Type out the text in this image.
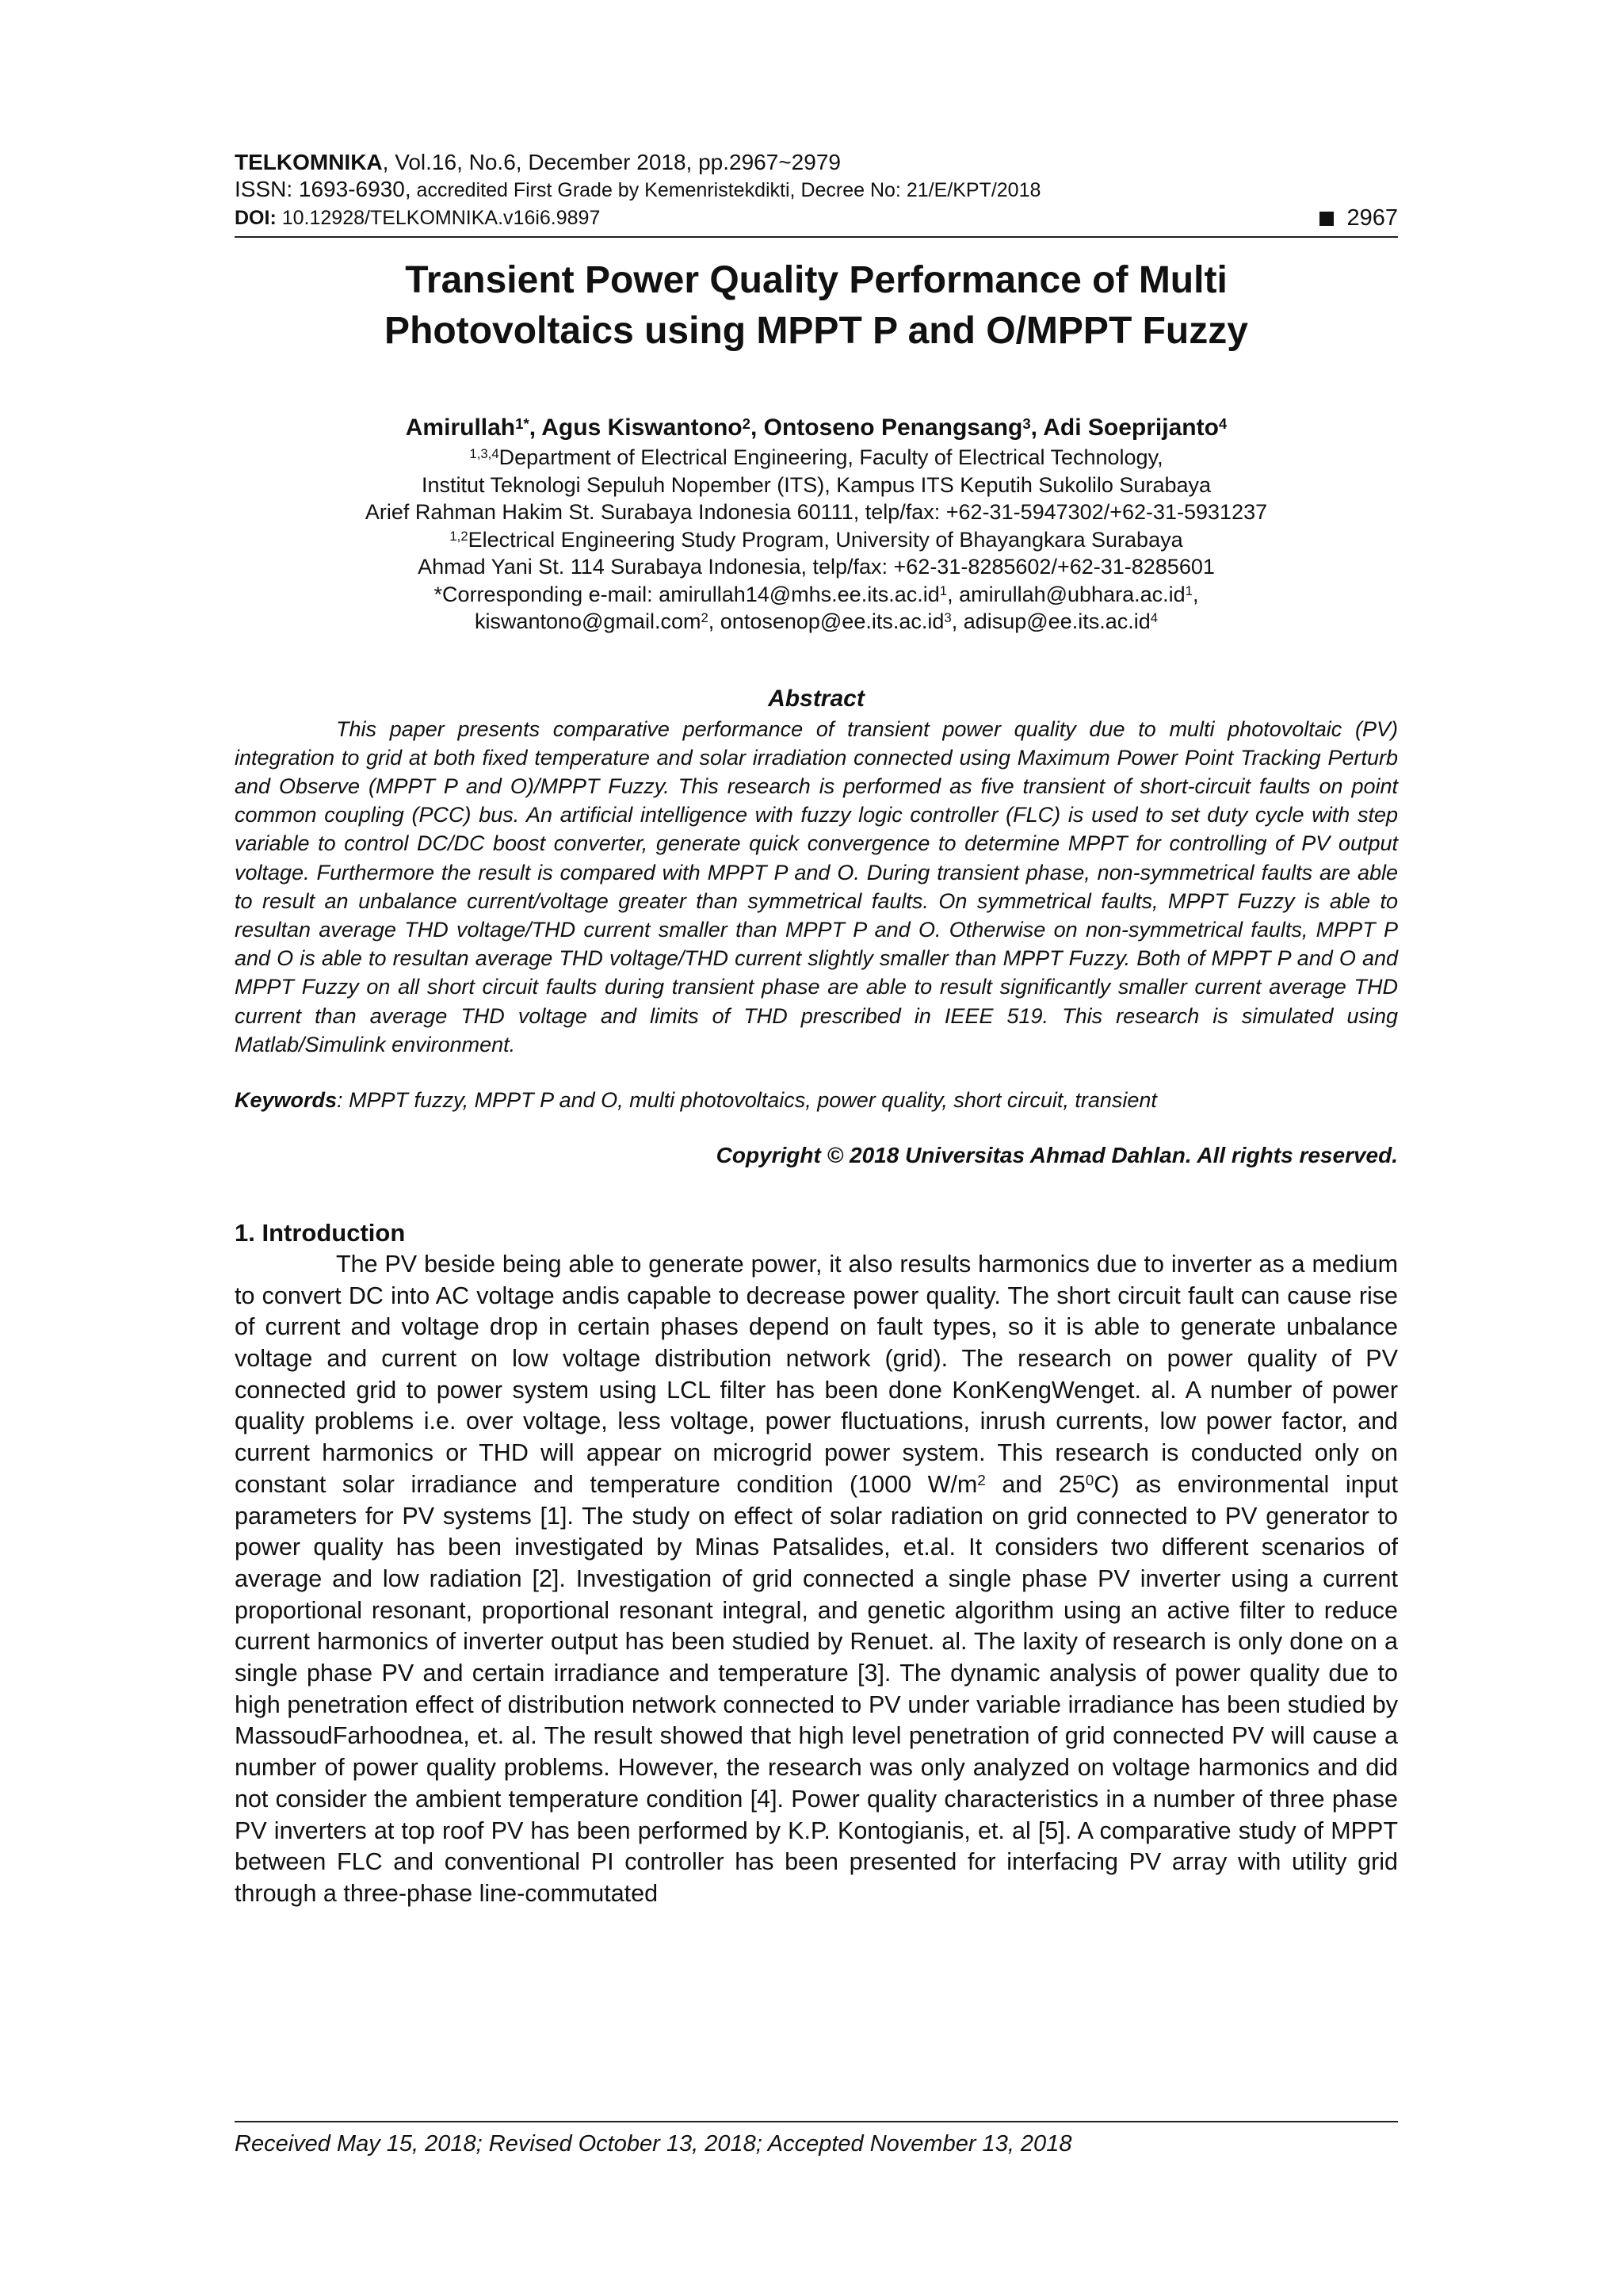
TELKOMNIKA, Vol.16, No.6, December 2018, pp.2967~2979
ISSN: 1693-6930, accredited First Grade by Kemenristekdikti, Decree No: 21/E/KPT/2018
DOI: 10.12928/TELKOMNIKA.v16i6.9897	2967
Transient Power Quality Performance of Multi
Photovoltaics using MPPT P and O/MPPT Fuzzy
Amirullah$^{1*}$, Agus Kiswantono$^2$, Ontoseno Penangsang$^3$, Adi Soeprijanto$^4$
$^{1,3,4}$Department of Electrical Engineering, Faculty of Electrical Technology,
Institut Teknologi Sepuluh Nopember (ITS), Kampus ITS Keputih Sukolilo Surabaya
Arief Rahman Hakim St. Surabaya Indonesia 60111, telp/fax: +62-31-5947302/+62-31-5931237
$^{1,2}$Electrical Engineering Study Program, University of Bhayangkara Surabaya
Ahmad Yani St. 114 Surabaya Indonesia, telp/fax: +62-31-8285602/+62-31-8285601
*Corresponding e-mail: $amirullah14@mhs.ee.its.ac.id^1$, $amirullah@ubhara.ac.id^1$,
kiswantono@gmail.com$^2$, $ontosenop@ee.its.ac.id^3$, $adisup@ee.its.ac.id^4$
Abstract

This paper presents comparative performance of transient power quality due to multi photovoltaic (PV) integration to grid at both fixed temperature and solar irradiation connected using Maximum Power Point Tracking Perturb and Observe (MPPT P and O)/MPPT Fuzzy. This research is performed as five transient of short-circuit faults on point common coupling (PCC) bus. An artificial intelligence with fuzzy logic controller (FLC) is used to set duty cycle with step variable to control DC/DC boost converter, generate quick convergence to determine MPPT for controlling of PV output voltage. Furthermore the result is compared with MPPT P and O. During transient phase, non-symmetrical faults are able to result an unbalance current/voltage greater than symmetrical faults. On symmetrical faults, MPPT Fuzzy is able to resultan average THD voltage/THD current smaller than MPPT P and O. Otherwise on non-symmetrical faults, MPPT P and O is able to resultan average THD voltage/THD current slightly smaller than MPPT Fuzzy. Both of MPPT P and O and MPPT Fuzzy on all short circuit faults during transient phase are able to result significantly smaller current average THD current than average THD voltage and limits of THD prescribed in IEEE 519. This research is simulated using Matlab/Simulink environment.

Keywords: MPPT fuzzy, MPPT P and O, multi photovoltaics, power quality, short circuit, transient
Copyright © 2018 Universitas Ahmad Dahlan. All rights reserved.
1. Introduction

The PV beside being able to generate power, it also results harmonics due to inverter as a medium to convert DC into AC voltage andis capable to decrease power quality. The short circuit fault can cause rise of current and voltage drop in certain phases depend on fault types, so it is able to generate unbalance voltage and current on low voltage distribution network (grid). The research on power quality of PV connected grid to power system using LCL filter has been done KonKengWenget. al. A number of power quality problems i.e. over voltage, less voltage, power fluctuations, inrush currents, low power factor, and current harmonics or THD will appear on microgrid power system. This research is conducted only on constant solar irradiance and temperature condition (1000 $W/m^2$ and $25^0C$) as environmental input parameters for PV systems [1]. The study on effect of solar radiation on grid connected to PV generator to power quality has been investigated by Minas Patsalides, et.al. It considers two different scenarios of average and low radiation [2]. Investigation of grid connected a single phase PV inverter using a current proportional resonant, proportional resonant integral, and genetic algorithm using an active filter to reduce current harmonics of inverter output has been studied by Renuet. al. The laxity of research is only done on a single phase PV and certain irradiance and temperature [3]. The dynamic analysis of power quality due to high penetration effect of distribution network connected to PV under variable irradiance has been studied by MassoudFarhoodnea, et. al. The result showed that high level penetration of grid connected PV will cause a number of power quality problems. However, the research was only analyzed on voltage harmonics and did not consider the ambient temperature condition [4]. Power quality characteristics in a number of three phase PV inverters at top roof PV has been performed by K.P. Kontogianis, et. al [5]. A comparative study of MPPT between FLC and conventional PI controller has been presented for interfacing PV array with utility grid through a three-phase line-commutated

Received May 15, 2018; Revised October 13, 2018; Accepted November 13, 2018
